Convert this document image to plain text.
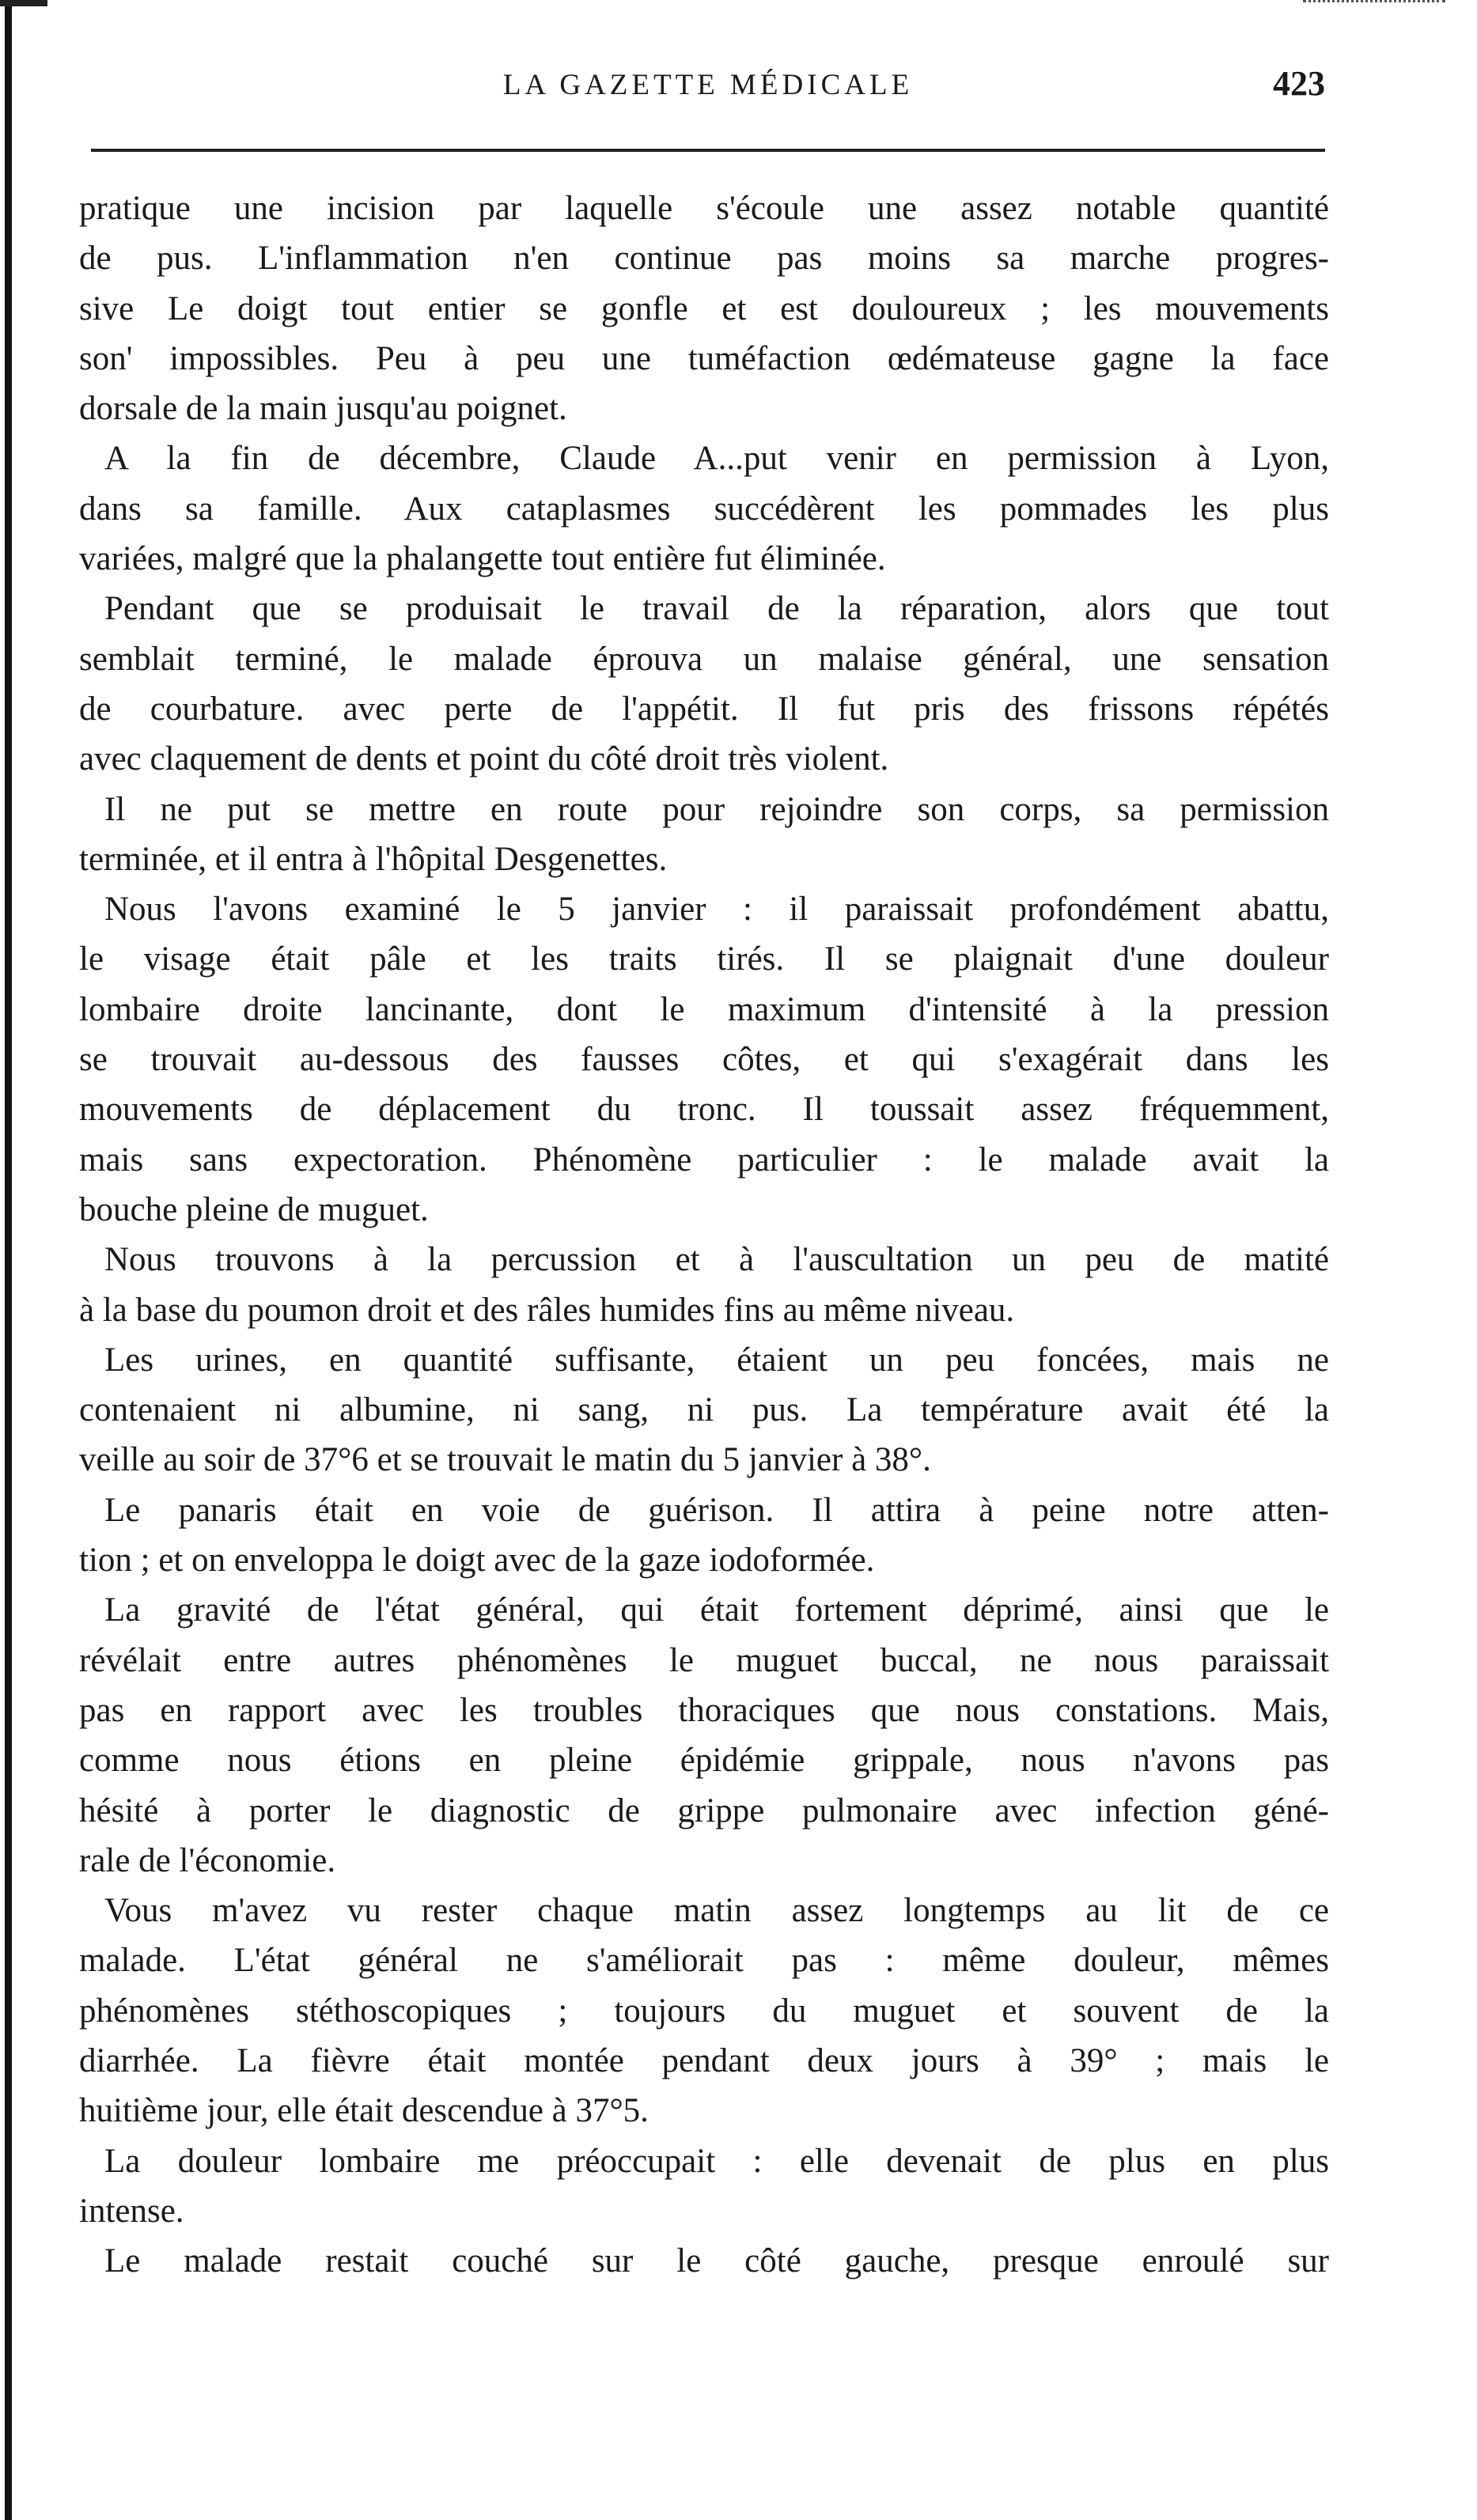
LA GAZETTE MÉDICALE	423
pratique une incision par laquelle s'écoule une assez notable quantité
de pus. L'inflammation n'en continue pas moins sa marche progres-
sive Le doigt tout entier se gonfle et est douloureux ; les mouvements
son' impossibles. Peu à peu une tuméfaction œdémateuse gagne la face
dorsale de la main jusqu'au poignet.
A la fin de décembre, Claude A...put venir en permission à Lyon,
dans sa famille. Aux cataplasmes succédèrent les pommades les plus
variées, malgré que la phalangette tout entière fut éliminée.
Pendant que se produisait le travail de la réparation, alors que tout
semblait terminé, le malade éprouva un malaise général, une sensation
de courbature. avec perte de l'appétit. Il fut pris des frissons répétés
avec claquement de dents et point du côté droit très violent.
Il ne put se mettre en route pour rejoindre son corps, sa permission
terminée, et il entra à l'hôpital Desgenettes.
Nous l'avons examiné le 5 janvier : il paraissait profondément abattu,
le visage était pâle et les traits tirés. Il se plaignait d'une douleur
lombaire droite lancinante, dont le maximum d'intensité à la pression
se trouvait au-dessous des fausses côtes, et qui s'exagérait dans les
mouvements de déplacement du tronc. Il toussait assez fréquemment,
mais sans expectoration. Phénomène particulier : le malade avait la
bouche pleine de muguet.
Nous trouvons à la percussion et à l'auscultation un peu de matité
à la base du poumon droit et des râles humides fins au même niveau.
Les urines, en quantité suffisante, étaient un peu foncées, mais ne
contenaient ni albumine, ni sang, ni pus. La température avait été la
veille au soir de 37°6 et se trouvait le matin du 5 janvier à 38°.
Le panaris était en voie de guérison. Il attira à peine notre atten-
tion ; et on enveloppa le doigt avec de la gaze iodoformée.
La gravité de l'état général, qui était fortement déprimé, ainsi que le
révélait entre autres phénomènes le muguet buccal, ne nous paraissait
pas en rapport avec les troubles thoraciques que nous constations. Mais,
comme nous étions en pleine épidémie grippale, nous n'avons pas
hésité à porter le diagnostic de grippe pulmonaire avec infection géné-
rale de l'économie.
Vous m'avez vu rester chaque matin assez longtemps au lit de ce
malade. L'état général ne s'améliorait pas : même douleur, mêmes
phénomènes stéthoscopiques ; toujours du muguet et souvent de la
diarrhée. La fièvre était montée pendant deux jours à 39° ; mais le
huitième jour, elle était descendue à 37°5.
La douleur lombaire me préoccupait : elle devenait de plus en plus
intense.
Le malade restait couché sur le côté gauche, presque enroulé sur
